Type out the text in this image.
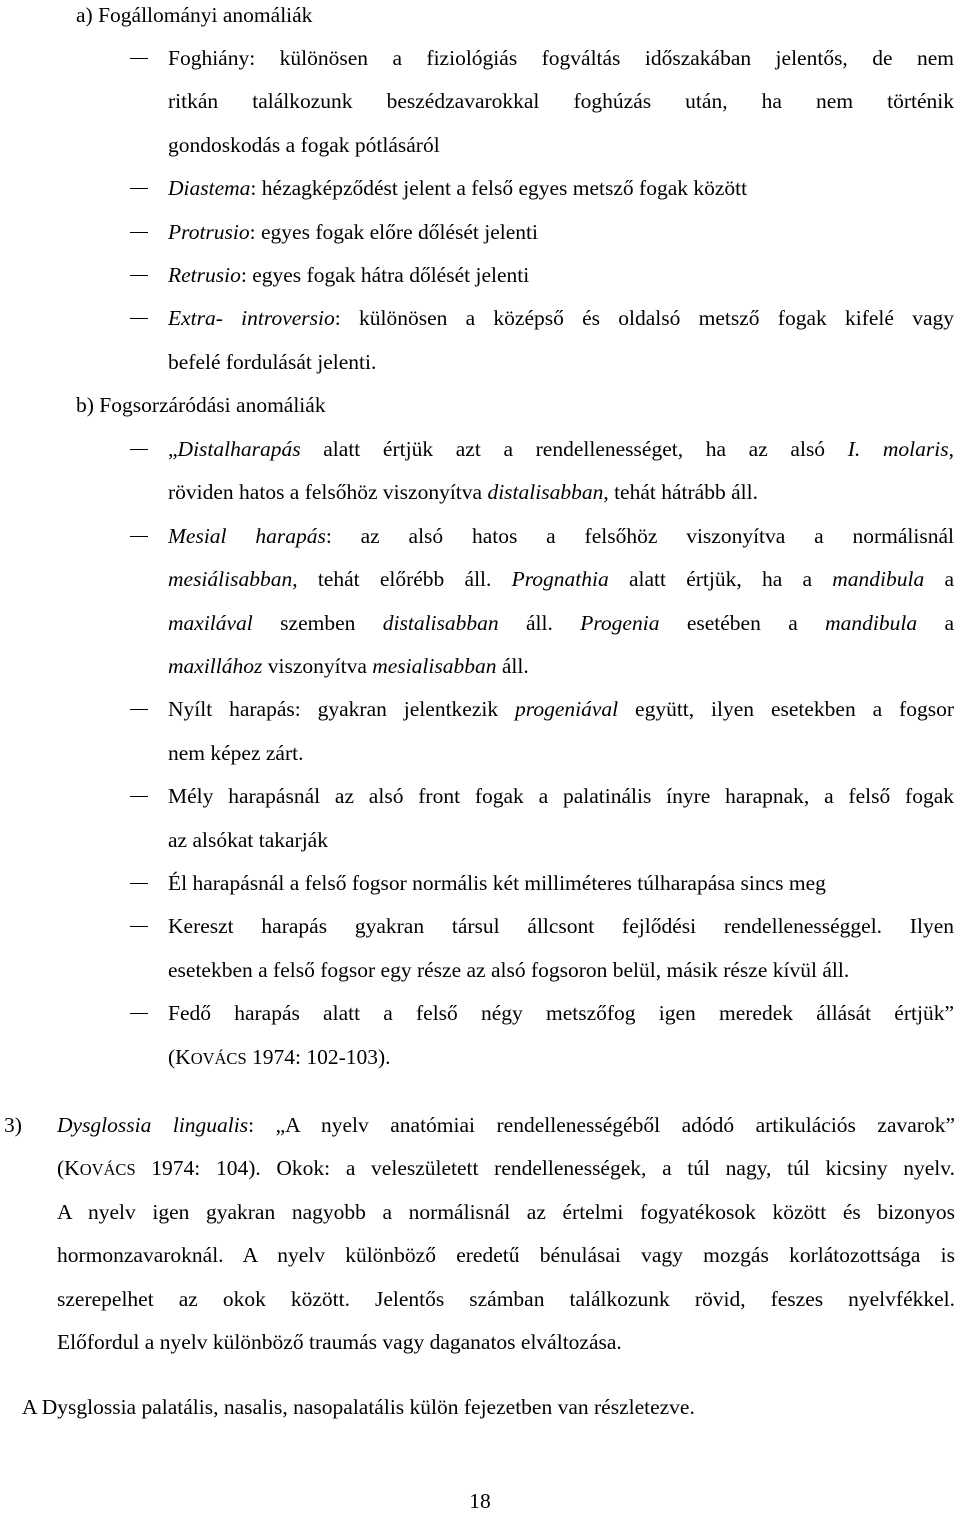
a) Fogállományi anomáliák
Foghiány: különösen a fiziológiás fogváltás időszakában jelentős, de nem
ritkán találkozunk beszédzavarokkal foghúzás után, ha nem történik
gondoskodás a fogak pótlásáról
Diastema: hézagképződést jelent a felső egyes metsző fogak között
Protrusio: egyes fogak előre dőlését jelenti
Retrusio: egyes fogak hátra dőlését jelenti
Extra- introversio: különösen a középső és oldalsó metsző fogak kifelé vagy
befelé fordulását jelenti.
b) Fogsorzáródási anomáliák
„Distalharapás alatt értjük azt a rendellenességet, ha az alsó I. molaris,
röviden hatos a felsőhöz viszonyítva distalisabban, tehát hátrább áll.
Mesial harapás: az alsó hatos a felsőhöz viszonyítva a normálisnál
mesiálisabban, tehát előrébb áll. Prognathia alatt értjük, ha a mandibula a
maxilával szemben distalisabban áll. Progenia esetében a mandibula a
maxillához viszonyítva mesialisabban áll.
Nyílt harapás: gyakran jelentkezik progeniával együtt, ilyen esetekben a fogsor
nem képez zárt.
Mély harapásnál az alsó front fogak a palatinális ínyre harapnak, a felső fogak
az alsókat takarják
Él harapásnál a felső fogsor normális két milliméteres túlharapása sincs meg
Kereszt harapás gyakran társul állcsont fejlődési rendellenességgel. Ilyen
esetekben a felső fogsor egy része az alsó fogsoron belül, másik része kívül áll.
Fedő harapás alatt a felső négy metszőfog igen meredek állását értjük”
(KOVÁCS 1974: 102-103).
3) Dysglossia lingualis: „A nyelv anatómiai rendellenességéből adódó artikulációs zavarok”
(KOVÁCS 1974: 104). Okok: a veleszületett rendellenességek, a túl nagy, túl kicsiny nyelv.
A nyelv igen gyakran nagyobb a normálisnál az értelmi fogyatékosok között és bizonyos
hormonzavaroknál. A nyelv különböző eredetű bénulásai vagy mozgás korlátozottsága is
szerepelhet az okok között. Jelentős számban találkozunk rövid, feszes nyelvfékkel.
Előfordul a nyelv különböző traumás vagy daganatos elváltozása.
A Dysglossia palatális, nasalis, nasopalatális külön fejezetben van részletezve.
18
